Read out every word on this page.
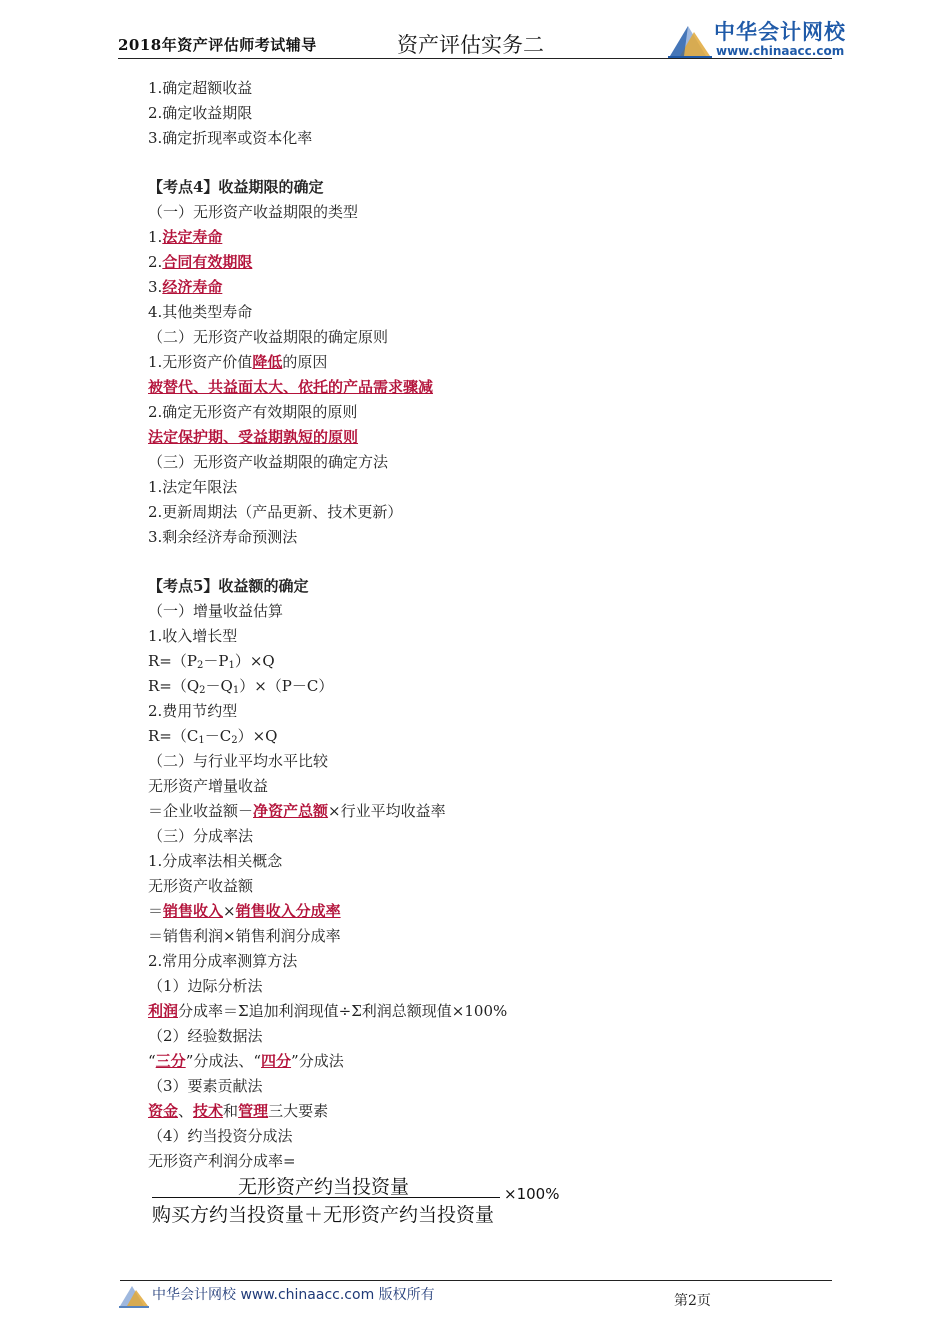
2018年资产评估师考试辅导	资产评估实务二
中华会计网校
www.chinaacc.com
1.确定超额收益
2.确定收益期限
3.确定折现率或资本化率
【考点4】收益期限的确定
（一）无形资产收益期限的类型
1.法定寿命
2.合同有效期限
3.经济寿命
4.其他类型寿命
（二）无形资产收益期限的确定原则
1.无形资产价值降低的原因
被替代、共益面太大、依托的产品需求骤减
2.确定无形资产有效期限的原则
法定保护期、受益期孰短的原则
（三）无形资产收益期限的确定方法
1.法定年限法
2.更新周期法（产品更新、技术更新）
3.剩余经济寿命预测法
【考点5】收益额的确定
（一）增量收益估算
1.收入增长型
$R=(P_2-P_1)\times Q$
$R=(Q_2-Q_1)\times(P-C)$
2.费用节约型
$R=(C_1-C_2)\times Q$
（二）与行业平均水平比较
无形资产增量收益
＝企业收益额－净资产总额×行业平均收益率
（三）分成率法
1.分成率法相关概念
无形资产收益额
＝销售收入×销售收入分成率
＝销售利润×销售利润分成率
2.常用分成率测算方法
（1）边际分析法
利润分成率＝Σ追加利润现值÷Σ利润总额现值×100%
（2）经验数据法
“三分”分成法、“四分”分成法
（3）要素贡献法
资金、技术和管理三大要素
（4）约当投资分成法
无形资产利润分成率=
无形资产约当投资量
购买方约当投资量＋无形资产约当投资量
×100%
中华会计网校 www.chinaacc.com 版权所有	第2页
